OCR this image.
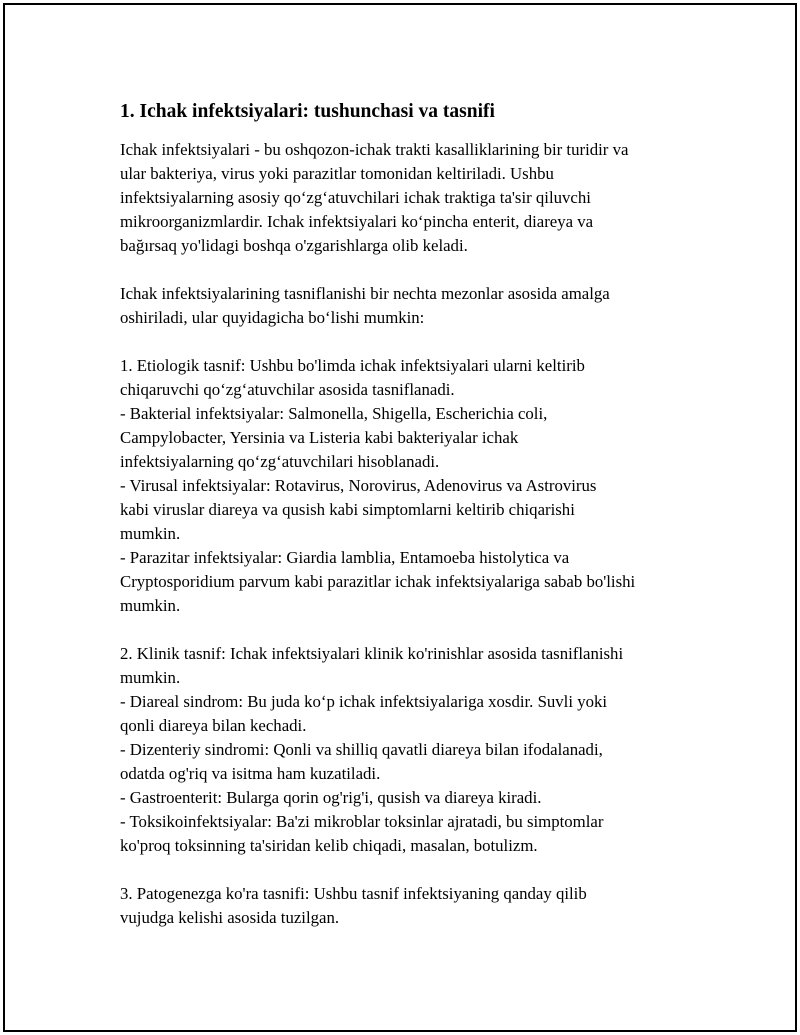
1. Ichak infektsiyalari: tushunchasi va tasnifi

Ichak infektsiyalari - bu oshqozon-ichak trakti kasalliklarining bir turidir va
ular bakteriya, virus yoki parazitlar tomonidan keltiriladi. Ushbu
infektsiyalarning asosiy qo‘zg‘atuvchilari ichak traktiga ta'sir qiluvchi
mikroorganizmlardir. Ichak infektsiyalari ko‘pincha enterit, diareya va
bağırsaq yo'lidagi boshqa o'zgarishlarga olib keladi.

Ichak infektsiyalarining tasniflanishi bir nechta mezonlar asosida amalga
oshiriladi, ular quyidagicha bo‘lishi mumkin:

1. Etiologik tasnif: Ushbu bo'limda ichak infektsiyalari ularni keltirib
chiqaruvchi qo‘zg‘atuvchilar asosida tasniflanadi.
- Bakterial infektsiyalar: Salmonella, Shigella, Escherichia coli,
Campylobacter, Yersinia va Listeria kabi bakteriyalar ichak
infektsiyalarning qo‘zg‘atuvchilari hisoblanadi.
- Virusal infektsiyalar: Rotavirus, Norovirus, Adenovirus va Astrovirus
kabi viruslar diareya va qusish kabi simptomlarni keltirib chiqarishi
mumkin.
- Parazitar infektsiyalar: Giardia lamblia, Entamoeba histolytica va
Cryptosporidium parvum kabi parazitlar ichak infektsiyalariga sabab bo'lishi
mumkin.

2. Klinik tasnif: Ichak infektsiyalari klinik ko'rinishlar asosida tasniflanishi
mumkin.
- Diareal sindrom: Bu juda ko‘p ichak infektsiyalariga xosdir. Suvli yoki
qonli diareya bilan kechadi.
- Dizenteriy sindromi: Qonli va shilliq qavatli diareya bilan ifodalanadi,
odatda og'riq va isitma ham kuzatiladi.
- Gastroenterit: Bularga qorin og'rig'i, qusish va diareya kiradi.
- Toksikoinfektsiyalar: Ba'zi mikroblar toksinlar ajratadi, bu simptomlar
ko'proq toksinning ta'siridan kelib chiqadi, masalan, botulizm.

3. Patogenezga ko'ra tasnifi: Ushbu tasnif infektsiyaning qanday qilib
vujudga kelishi asosida tuzilgan.
